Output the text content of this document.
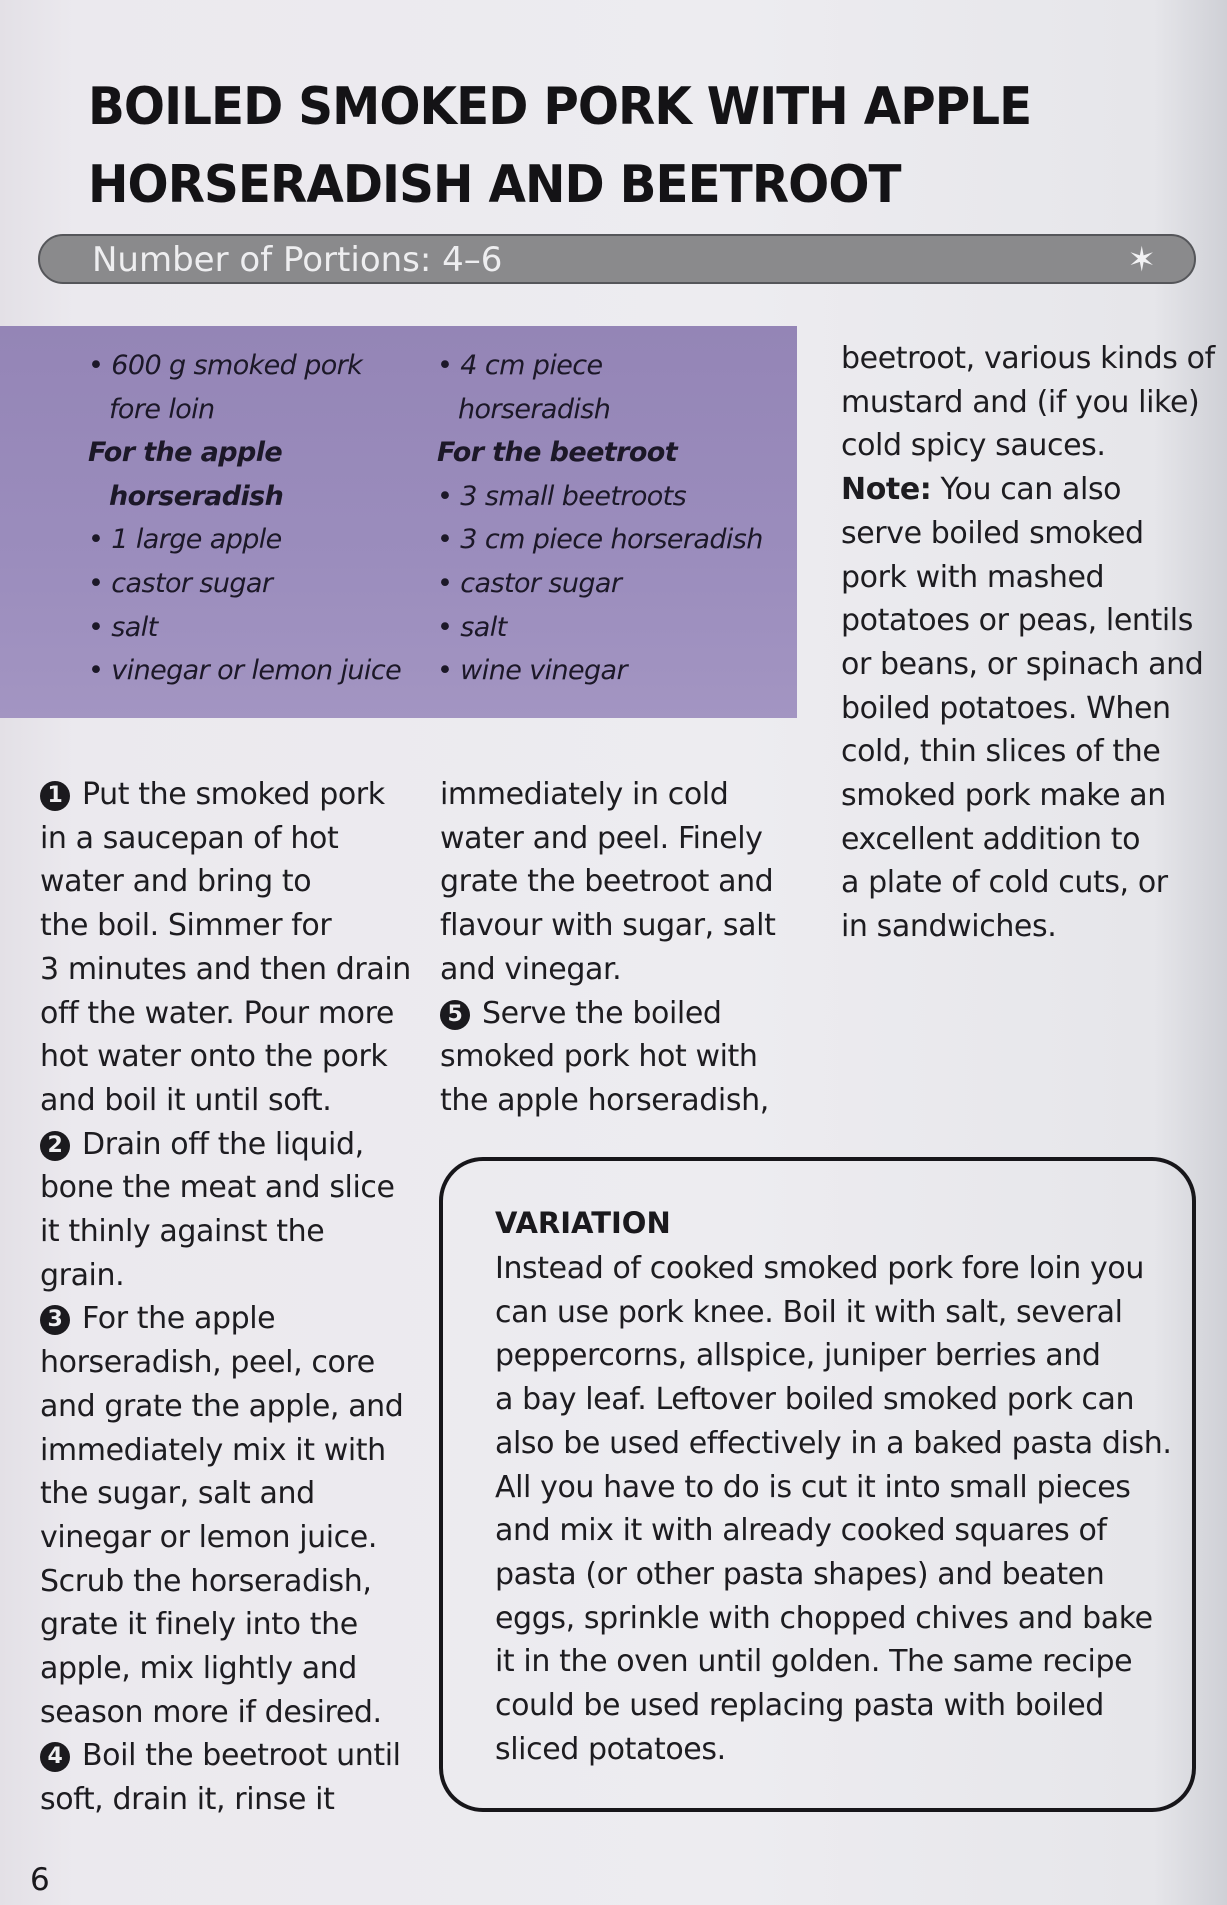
BOILED SMOKED PORK WITH APPLE
HORSERADISH AND BEETROOT
Number of Portions: 4–6	✶
• 600 g smoked pork
fore loin
For the apple
horseradish
• 1 large apple
• castor sugar
• salt
• vinegar or lemon juice
• 4 cm piece
horseradish
For the beetroot
• 3 small beetroots
• 3 cm piece horseradish
• castor sugar
• salt
• wine vinegar
1 Put the smoked pork
in a saucepan of hot
water and bring to
the boil. Simmer for
3 minutes and then drain
off the water. Pour more
hot water onto the pork
and boil it until soft.
2 Drain off the liquid,
bone the meat and slice
it thinly against the
grain.
3 For the apple
horseradish, peel, core
and grate the apple, and
immediately mix it with
the sugar, salt and
vinegar or lemon juice.
Scrub the horseradish,
grate it finely into the
apple, mix lightly and
season more if desired.
4 Boil the beetroot until
soft, drain it, rinse it
immediately in cold
water and peel. Finely
grate the beetroot and
flavour with sugar, salt
and vinegar.
5 Serve the boiled
smoked pork hot with
the apple horseradish,
beetroot, various kinds of
mustard and (if you like)
cold spicy sauces.
Note: You can also
serve boiled smoked
pork with mashed
potatoes or peas, lentils
or beans, or spinach and
boiled potatoes. When
cold, thin slices of the
smoked pork make an
excellent addition to
a plate of cold cuts, or
in sandwiches.
VARIATION
Instead of cooked smoked pork fore loin you
can use pork knee. Boil it with salt, several
peppercorns, allspice, juniper berries and
a bay leaf. Leftover boiled smoked pork can
also be used effectively in a baked pasta dish.
All you have to do is cut it into small pieces
and mix it with already cooked squares of
pasta (or other pasta shapes) and beaten
eggs, sprinkle with chopped chives and bake
it in the oven until golden. The same recipe
could be used replacing pasta with boiled
sliced potatoes.
6
